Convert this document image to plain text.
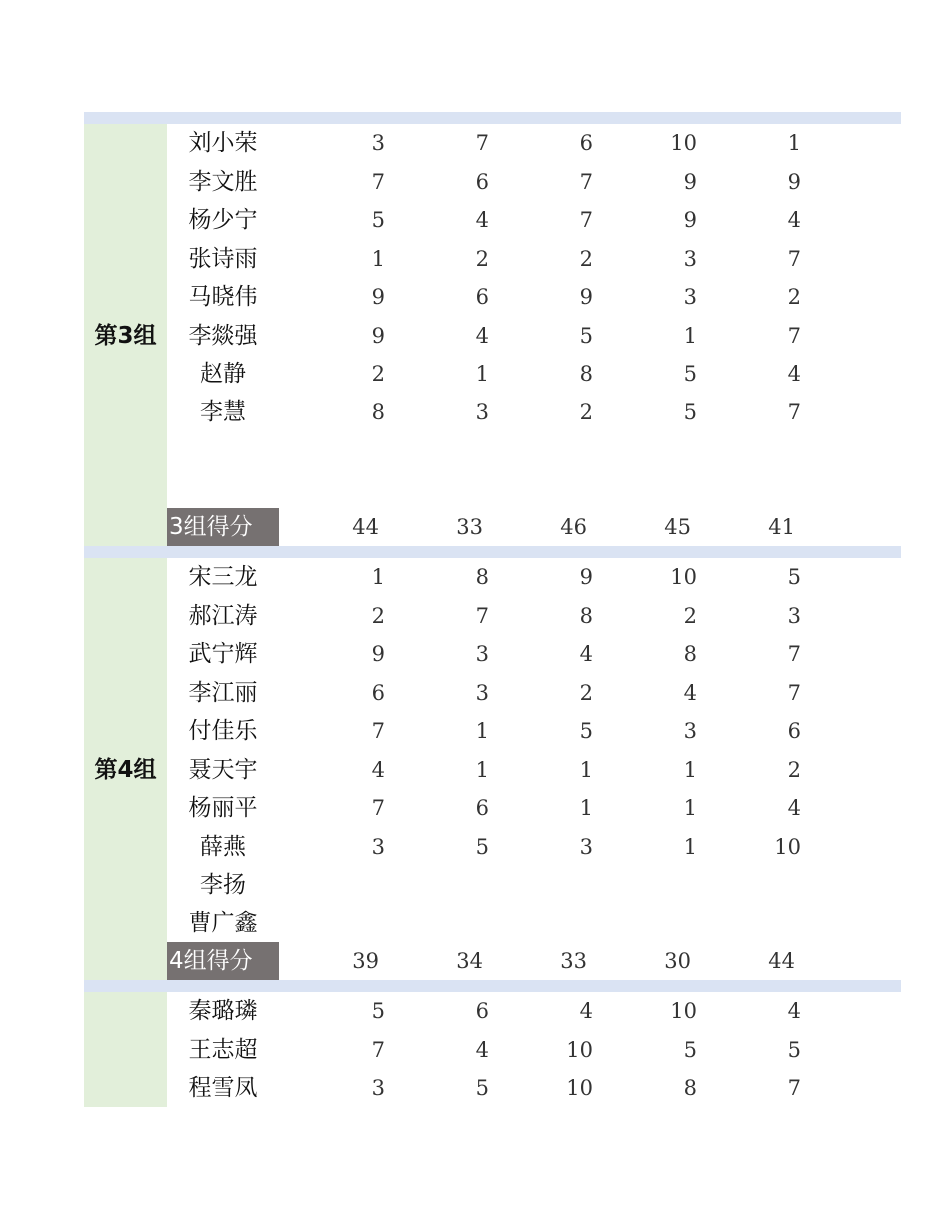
第3组
刘小荣	3	7	6	10	1
李文胜	7	6	7	9	9
杨少宁	5	4	7	9	4
张诗雨	1	2	2	3	7
马晓伟	9	6	9	3	2
李燚强	9	4	5	1	7
赵静	2	1	8	5	4
李慧	8	3	2	5	7
3组得分	44	33	46	45	41
第4组
宋三龙	1	8	9	10	5
郝江涛	2	7	8	2	3
武宁辉	9	3	4	8	7
李江丽	6	3	2	4	7
付佳乐	7	1	5	3	6
聂天宇	4	1	1	1	2
杨丽平	7	6	1	1	4
薛燕	3	5	3	1	10
李扬
曹广鑫
4组得分	39	34	33	30	44
秦璐璘	5	6	4	10	4
王志超	7	4	10	5	5
程雪凤	3	5	10	8	7
